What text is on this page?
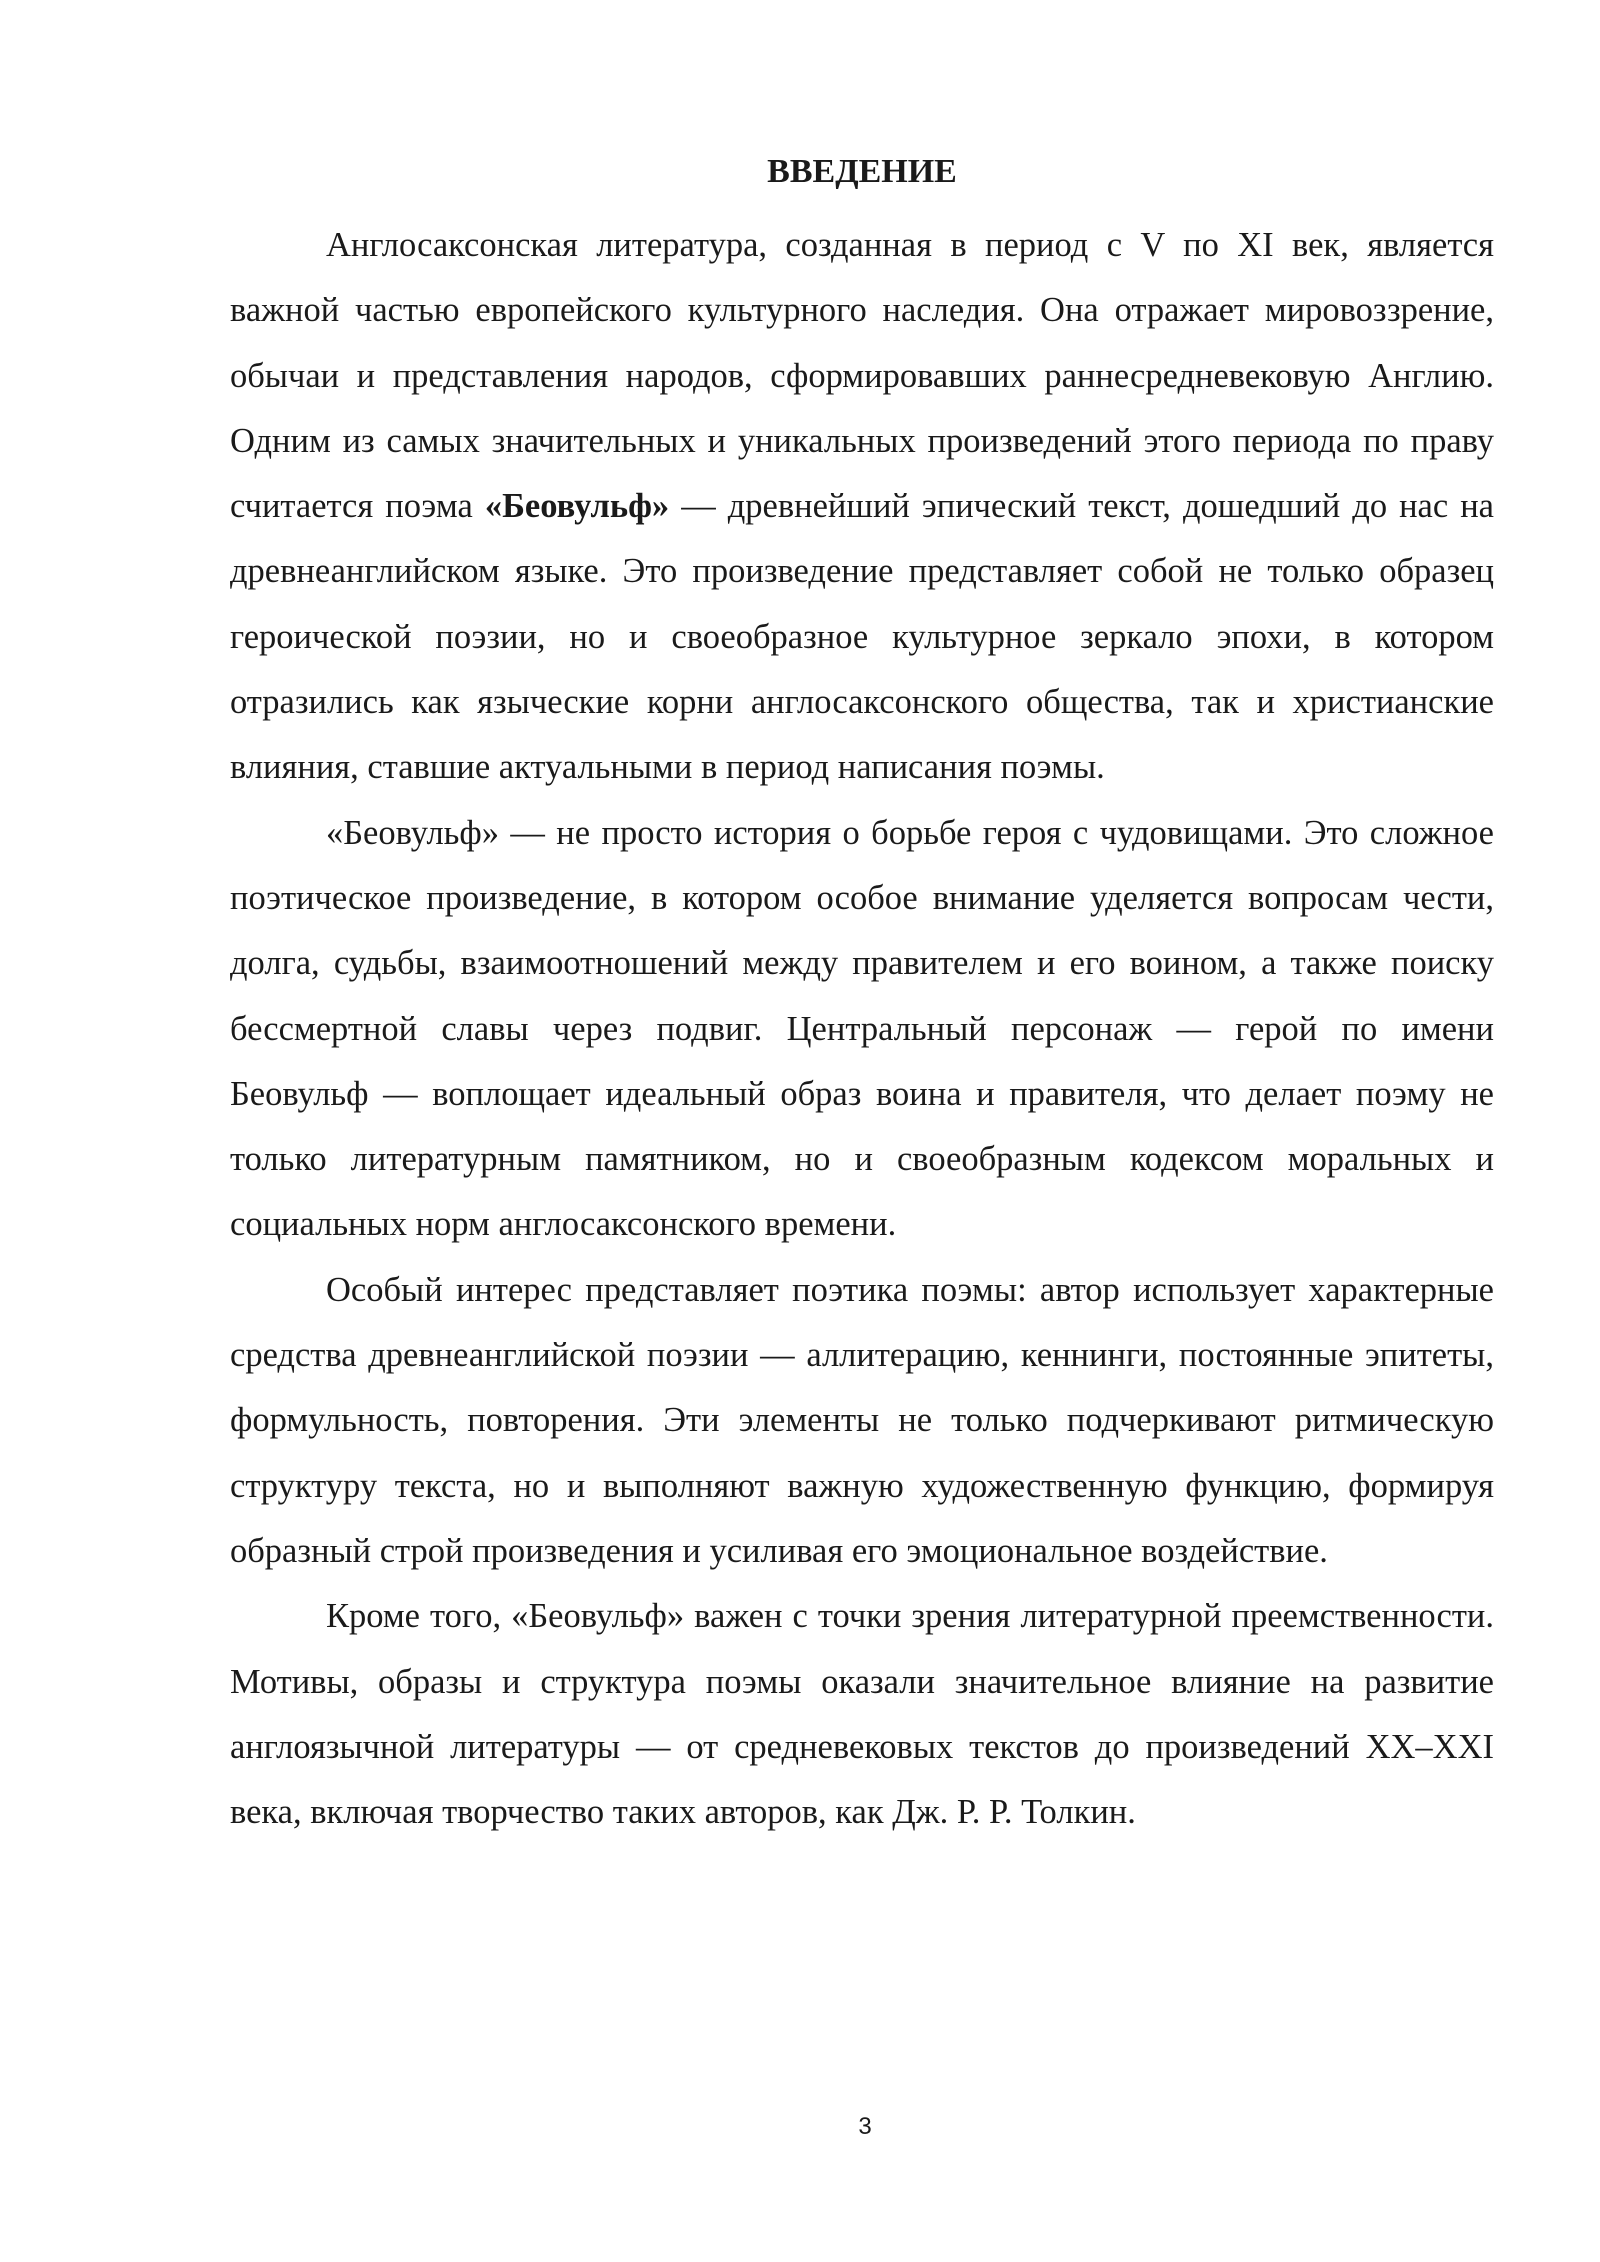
ВВЕДЕНИЕ

Англосаксонская литература, созданная в период с V по XI век, является важной частью европейского культурного наследия. Она отражает мировоззрение, обычаи и представления народов, сформировавших раннесредневековую Англию. Одним из самых значительных и уникальных произведений этого периода по праву считается поэма «Беовульф» — древнейший эпический текст, дошедший до нас на древнеанглийском языке. Это произведение представляет собой не только образец героической поэзии, но и своеобразное культурное зеркало эпохи, в котором отразились как языческие корни англосаксонского общества, так и христианские влияния, ставшие актуальными в период написания поэмы.

«Беовульф» — не просто история о борьбе героя с чудовищами. Это сложное поэтическое произведение, в котором особое внимание уделяется вопросам чести, долга, судьбы, взаимоотношений между правителем и его воином, а также поиску бессмертной славы через подвиг. Центральный персонаж — герой по имени Беовульф — воплощает идеальный образ воина и правителя, что делает поэму не только литературным памятником, но и своеобразным кодексом моральных и социальных норм англосаксонского времени.

Особый интерес представляет поэтика поэмы: автор использует характерные средства древнеанглийской поэзии — аллитерацию, кеннинги, постоянные эпитеты, формульность, повторения. Эти элементы не только подчеркивают ритмическую структуру текста, но и выполняют важную художественную функцию, формируя образный строй произведения и усиливая его эмоциональное воздействие.

Кроме того, «Беовульф» важен с точки зрения литературной преемственности. Мотивы, образы и структура поэмы оказали значительное влияние на развитие англоязычной литературы — от средневековых текстов до произведений XX–XXI века, включая творчество таких авторов, как Дж. Р. Р. Толкин.

3
